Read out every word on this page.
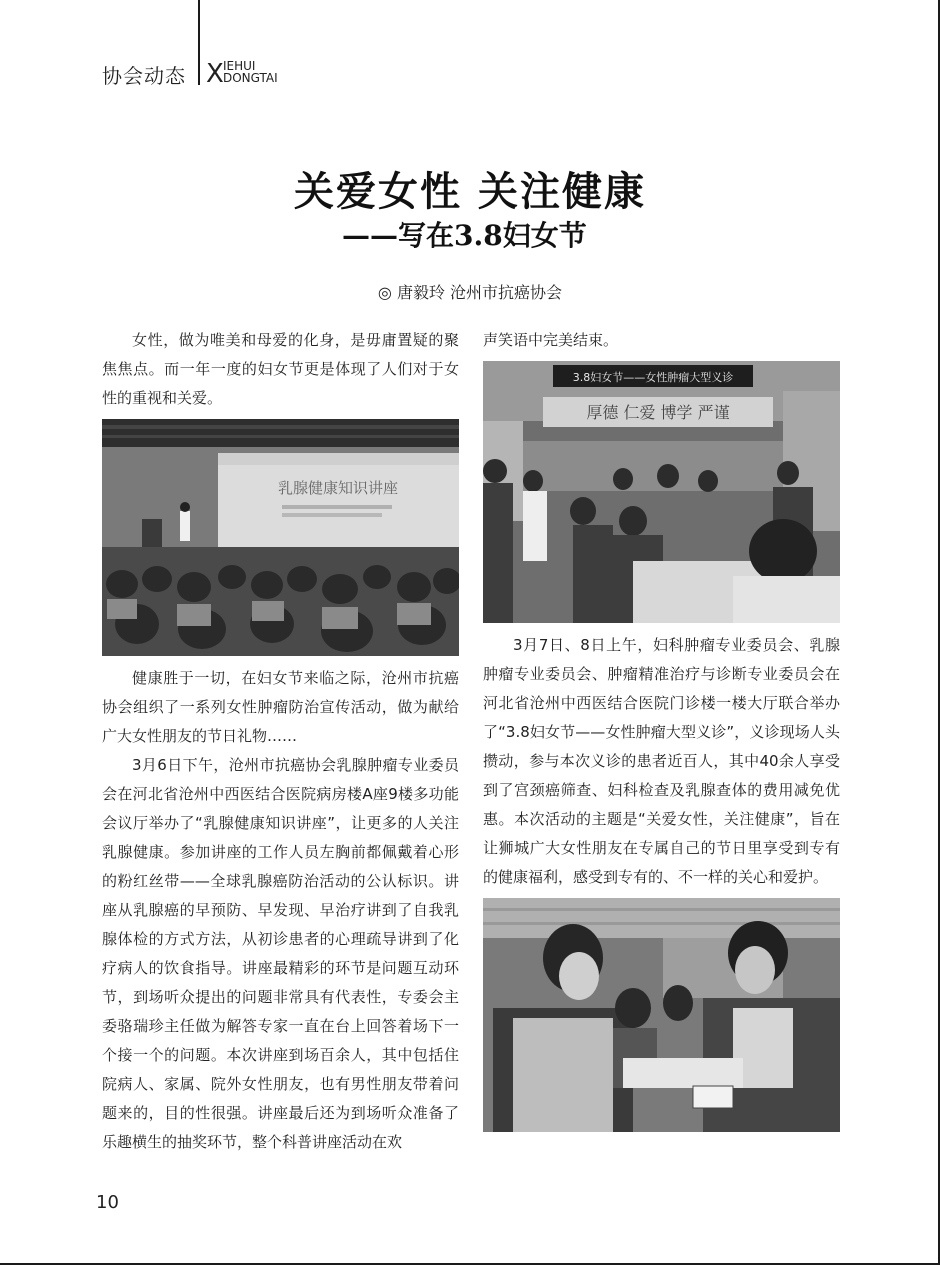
协会动态 X IEHUI
DONGTAI
关爱女性 关注健康
——写在3.8妇女节
◎ 唐毅玲 沧州市抗癌协会

女性，做为唯美和母爱的化身，是毋庸置疑的聚焦焦点。而一年一度的妇女节更是体现了人们对于女性的重视和关爱。

乳腺健康知识讲座

健康胜于一切，在妇女节来临之际，沧州市抗癌协会组织了一系列女性肿瘤防治宣传活动，做为献给广大女性朋友的节日礼物……

3月6日下午，沧州市抗癌协会乳腺肿瘤专业委员会在河北省沧州中西医结合医院病房楼A座9楼多功能会议厅举办了“乳腺健康知识讲座”，让更多的人关注乳腺健康。参加讲座的工作人员左胸前都佩戴着心形的粉红丝带——全球乳腺癌防治活动的公认标识。讲座从乳腺癌的早预防、早发现、早治疗讲到了自我乳腺体检的方式方法，从初诊患者的心理疏导讲到了化疗病人的饮食指导。讲座最精彩的环节是问题互动环节，到场听众提出的问题非常具有代表性，专委会主委骆瑞珍主任做为解答专家一直在台上回答着场下一个接一个的问题。本次讲座到场百余人，其中包括住院病人、家属、院外女性朋友，也有男性朋友带着问题来的，目的性很强。讲座最后还为到场听众准备了乐趣横生的抽奖环节，整个科普讲座活动在欢

声笑语中完美结束。

3.8妇女节——女性肿瘤大型义诊
厚德 仁爱 博学 严谨

3月7日、8日上午，妇科肿瘤专业委员会、乳腺肿瘤专业委员会、肿瘤精准治疗与诊断专业委员会在河北省沧州中西医结合医院门诊楼一楼大厅联合举办了“3.8妇女节——女性肿瘤大型义诊”，义诊现场人头攒动，参与本次义诊的患者近百人，其中40余人享受到了宫颈癌筛查、妇科检查及乳腺查体的费用减免优惠。本次活动的主题是“关爱女性，关注健康”，旨在让狮城广大女性朋友在专属自己的节日里享受到专有的健康福利，感受到专有的、不一样的关心和爱护。

10
